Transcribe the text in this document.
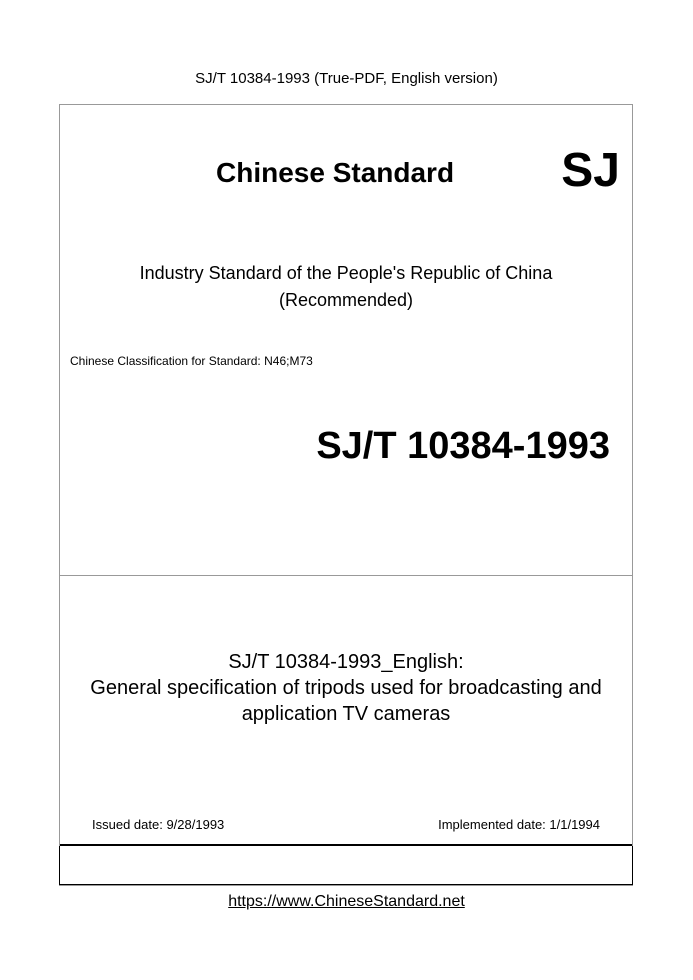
SJ/T 10384-1993 (True-PDF, English version)
Chinese Standard SJ
Industry Standard of the People's Republic of China
(Recommended)
Chinese Classification for Standard: N46;M73
SJ/T 10384-1993
SJ/T 10384-1993_English:
General specification of tripods used for broadcasting and
application TV cameras
Issued date: 9/28/1993	Implemented date: 1/1/1994
https://www.ChineseStandard.net
